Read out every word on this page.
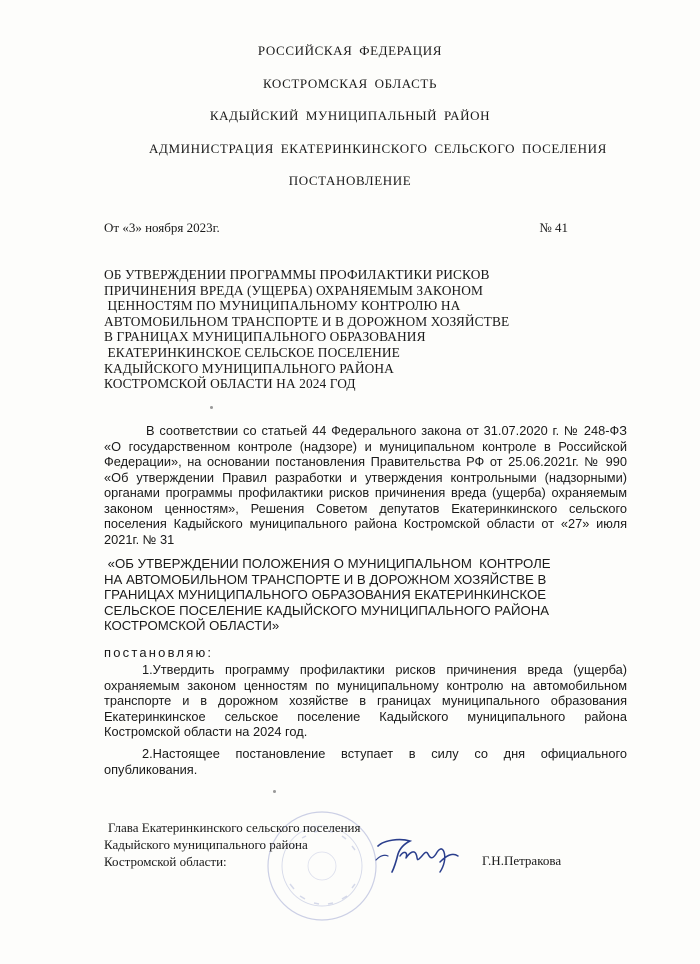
РОССИЙСКАЯ ФЕДЕРАЦИЯ
КОСТРОМСКАЯ ОБЛАСТЬ
КАДЫЙСКИЙ МУНИЦИПАЛЬНЫЙ РАЙОН
АДМИНИСТРАЦИЯ ЕКАТЕРИНКИНСКОГО СЕЛЬСКОГО ПОСЕЛЕНИЯ
ПОСТАНОВЛЕНИЕ
От «3» ноября 2023г.	№ 41
ОБ УТВЕРЖДЕНИИ ПРОГРАММЫ ПРОФИЛАКТИКИ РИСКОВ
ПРИЧИНЕНИЯ ВРЕДА (УЩЕРБА) ОХРАНЯЕМЫМ ЗАКОНОМ
ЦЕННОСТЯМ ПО МУНИЦИПАЛЬНОМУ КОНТРОЛЮ НА
АВТОМОБИЛЬНОМ ТРАНСПОРТЕ И В ДОРОЖНОМ ХОЗЯЙСТВЕ
В ГРАНИЦАХ МУНИЦИПАЛЬНОГО ОБРАЗОВАНИЯ
ЕКАТЕРИНКИНСКОЕ СЕЛЬСКОЕ ПОСЕЛЕНИЕ
КАДЫЙСКОГО МУНИЦИПАЛЬНОГО РАЙОНА
КОСТРОМСКОЙ ОБЛАСТИ НА 2024 ГОД
В соответствии со статьей 44 Федерального закона от 31.07.2020 г. № 248-ФЗ «О государственном контроле (надзоре) и муниципальном контроле в Российской Федерации», на основании постановления Правительства РФ от 25.06.2021г. № 990 «Об утверждении Правил разработки и утверждения контрольными (надзорными) органами программы профилактики рисков причинения вреда (ущерба) охраняемым законом ценностям», Решения Советом депутатов Екатеринкинского сельского поселения Кадыйского муниципального района Костромской области от «27» июля 2021г. № 31
«ОБ УТВЕРЖДЕНИИ ПОЛОЖЕНИЯ О МУНИЦИПАЛЬНОМ  КОНТРОЛЕ
НА АВТОМОБИЛЬНОМ ТРАНСПОРТЕ И В ДОРОЖНОМ ХОЗЯЙСТВЕ В
ГРАНИЦАХ МУНИЦИПАЛЬНОГО ОБРАЗОВАНИЯ ЕКАТЕРИНКИНСКОЕ
СЕЛЬСКОЕ ПОСЕЛЕНИЕ КАДЫЙСКОГО МУНИЦИПАЛЬНОГО РАЙОНА
КОСТРОМСКОЙ ОБЛАСТИ»
постановляю:
1.Утвердить программу профилактики рисков причинения вреда (ущерба) охраняемым законом ценностям по муниципальному контролю на автомобильном транспорте и в дорожном хозяйстве в границах муниципального образования Екатеринкинское сельское поселение Кадыйского муниципального района Костромской области на 2024 год.
2.Настоящее постановление вступает в силу со дня официального опубликования.
Глава Екатеринкинского сельского поселения
Кадыйского муниципального района
Костромской области:	Г.Н.Петракова
